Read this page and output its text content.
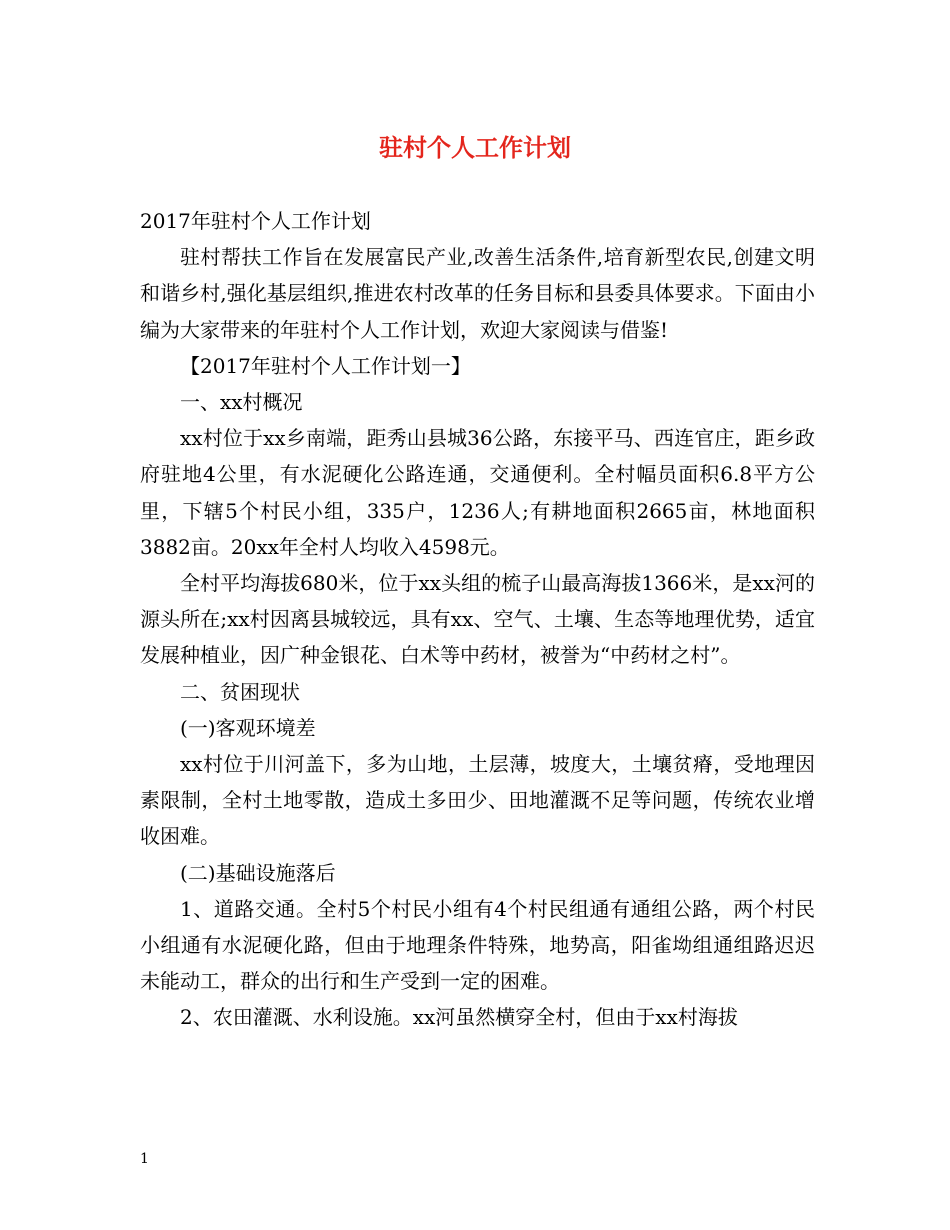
驻村个人工作计划

2017年驻村个人工作计划

驻村帮扶工作旨在发展富民产业,改善生活条件,培育新型农民,创建文明和谐乡村,强化基层组织,推进农村改革的任务目标和县委具体要求。下面由小编为大家带来的年驻村个人工作计划，欢迎大家阅读与借鉴!

【2017年驻村个人工作计划一】

一、xx村概况

xx村位于xx乡南端，距秀山县城36公路，东接平马、西连官庄，距乡政府驻地4公里，有水泥硬化公路连通，交通便利。全村幅员面积6.8平方公里，下辖5个村民小组，335户，1236人;有耕地面积2665亩，林地面积3882亩。20xx年全村人均收入4598元。

全村平均海拔680米，位于xx头组的梳子山最高海拔1366米，是xx河的源头所在;xx村因离县城较远，具有xx、空气、土壤、生态等地理优势，适宜发展种植业，因广种金银花、白术等中药材，被誉为“中药材之村”。

二、贫困现状

(一)客观环境差

xx村位于川河盖下，多为山地，土层薄，坡度大，土壤贫瘠，受地理因素限制，全村土地零散，造成土多田少、田地灌溉不足等问题，传统农业增收困难。

(二)基础设施落后

1、道路交通。全村5个村民小组有4个村民组通有通组公路，两个村民小组通有水泥硬化路，但由于地理条件特殊，地势高，阳雀坳组通组路迟迟未能动工，群众的出行和生产受到一定的困难。

2、农田灌溉、水利设施。xx河虽然横穿全村，但由于xx村海拔

1
